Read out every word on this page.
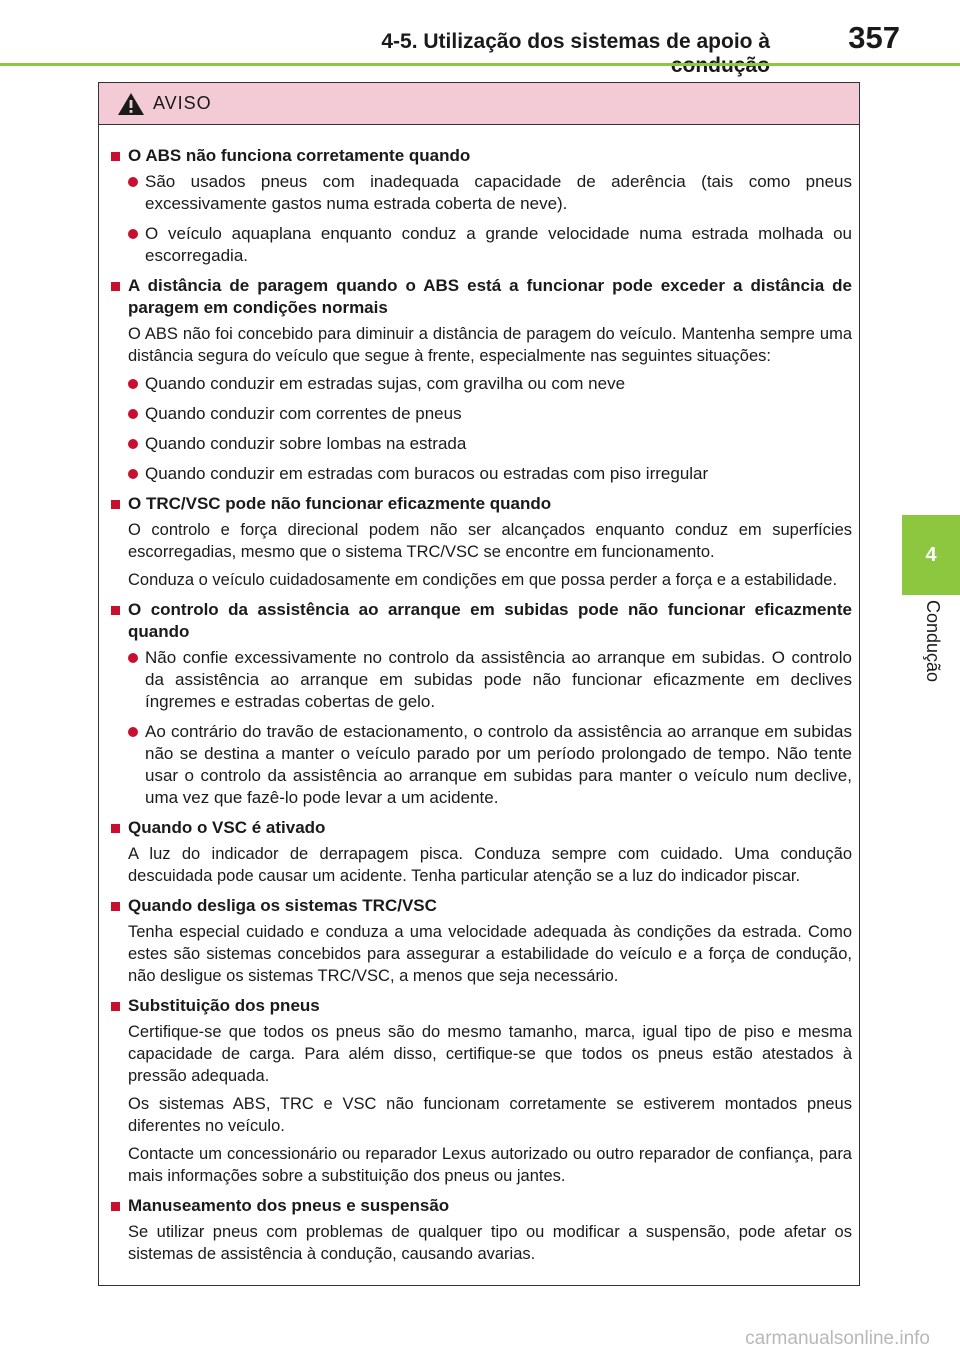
4-5. Utilização dos sistemas de apoio à	357
4
Condução
AVISO
O ABS não funciona corretamente quando
São usados pneus com inadequada capacidade de aderência (tais como pneus excessivamente gastos numa estrada coberta de neve).
O veículo aquaplana enquanto conduz a grande velocidade numa estrada molhada ou escorregadia.
A distância de paragem quando o ABS está a funcionar pode exceder a distância de paragem em condições normais
O ABS não foi concebido para diminuir a distância de paragem do veículo. Mantenha sempre uma distância segura do veículo que segue à frente, especialmente nas seguintes situações:
Quando conduzir em estradas sujas, com gravilha ou com neve
Quando conduzir com correntes de pneus
Quando conduzir sobre lombas na estrada
Quando conduzir em estradas com buracos ou estradas com piso irregular
O TRC/VSC pode não funcionar eficazmente quando
O controlo e força direcional podem não ser alcançados enquanto conduz em superfícies escorregadias, mesmo que o sistema TRC/VSC se encontre em funcionamento.
Conduza o veículo cuidadosamente em condições em que possa perder a força e a estabilidade.
O controlo da assistência ao arranque em subidas pode não funcionar eficazmente quando
Não confie excessivamente no controlo da assistência ao arranque em subidas. O controlo da assistência ao arranque em subidas pode não funcionar eficazmente em declives íngremes e estradas cobertas de gelo.
Ao contrário do travão de estacionamento, o controlo da assistência ao arranque em subidas não se destina a manter o veículo parado por um período prolongado de tempo. Não tente usar o controlo da assistência ao arranque em subidas para manter o veículo num declive, uma vez que fazê-lo pode levar a um acidente.
Quando o VSC é ativado
A luz do indicador de derrapagem pisca. Conduza sempre com cuidado. Uma condução descuidada pode causar um acidente. Tenha particular atenção se a luz do indicador piscar.
Quando desliga os sistemas TRC/VSC
Tenha especial cuidado e conduza a uma velocidade adequada às condições da estrada. Como estes são sistemas concebidos para assegurar a estabilidade do veículo e a força de condução, não desligue os sistemas TRC/VSC, a menos que seja necessário.
Substituição dos pneus
Certifique-se que todos os pneus são do mesmo tamanho, marca, igual tipo de piso e mesma capacidade de carga. Para além disso, certifique-se que todos os pneus estão atestados à pressão adequada.
Os sistemas ABS, TRC e VSC não funcionam corretamente se estiverem montados pneus diferentes no veículo.
Contacte um concessionário ou reparador Lexus autorizado ou outro reparador de confiança, para mais informações sobre a substituição dos pneus ou jantes.
Manuseamento dos pneus e suspensão
Se utilizar pneus com problemas de qualquer tipo ou modificar a suspensão, pode afetar os sistemas de assistência à condução, causando avarias.
carmanualsonline.info
